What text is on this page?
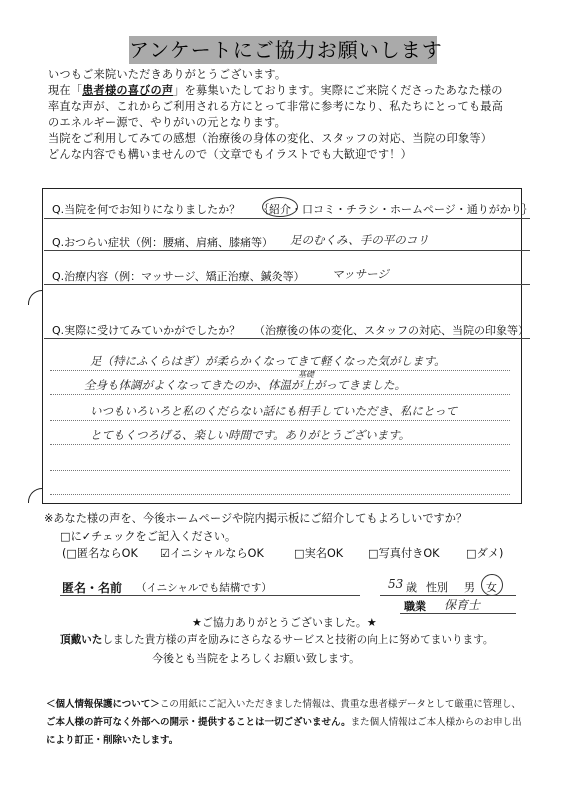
アンケートにご協力お願いします
いつもご来院いただきありがとうございます。
現在「患者様の喜びの声」を募集いたしております。実際にご来院くださったあなた様の
率直な声が、これからご利用される方にとって非常に参考になり、私たちにとっても最高
のエネルギー源で、やりがいの元となります。
当院をご利用してみての感想（治療後の身体の変化、スタッフの対応、当院の印象等）
どんな内容でも構いませんので（文章でもイラストでも大歓迎です！）
Q.当院を何でお知りになりましたか？ ｛紹介・口コミ・チラシ・ホームページ・通りがかり｝
Q.おつらい症状（例：腰痛、肩痛、膝痛等） 足のむくみ、手の平のコリ
Q.治療内容（例：マッサージ、矯正治療、鍼灸等） マッサージ
Q.実際に受けてみていかがでしたか？ （治療後の体の変化、スタッフの対応、当院の印象等）
足（特にふくらはぎ）が柔らかくなってきて軽くなった気がします。
全身も体調がよくなってきたのか、体温が上がってきました。
基礎
いつもいろいろと私のくだらない話にも相手していただき、私にとって
とてもくつろげる、楽しい時間です。ありがとうございます。
※あなた様の声を、今後ホームページや院内掲示板にご紹介してもよろしいですか？
□に✓チェックをご記入ください。
(□匿名ならOK ☑イニシャルならOK	□実名OK □写真付きOK □ダメ)
匿名・名前 （イニシャルでも結構です）	53 歳 性別 男 女
職業 保育士
★ご協力ありがとうございました。★
頂戴いたしました貴方様の声を励みにさらなるサービスと技術の向上に努めてまいります。
今後とも当院をよろしくお願い致します。
＜個人情報保護について＞この用紙にご記入いただきました情報は、貴重な患者様データとして厳重に管理し、
ご本人様の許可なく外部への開示・提供することは一切ございません。また個人情報はご本人様からのお申し出
により訂正・削除いたします。
